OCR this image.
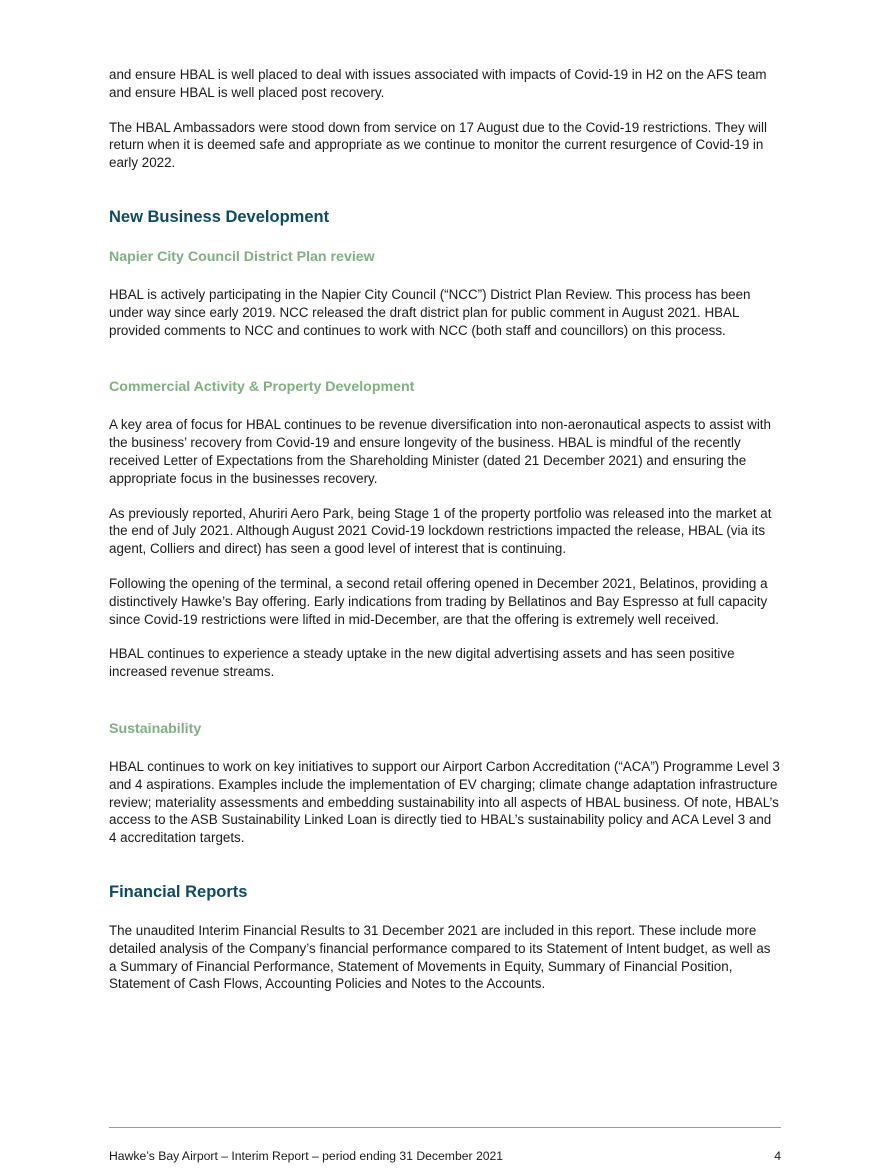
and ensure HBAL is well placed to deal with issues associated with impacts of Covid-19 in H2 on the AFS team and ensure HBAL is well placed post recovery.

The HBAL Ambassadors were stood down from service on 17 August due to the Covid-19 restrictions. They will return when it is deemed safe and appropriate as we continue to monitor the current resurgence of Covid-19 in early 2022.

New Business Development
Napier City Council District Plan review

HBAL is actively participating in the Napier City Council (“NCC”) District Plan Review. This process has been under way since early 2019. NCC released the draft district plan for public comment in August 2021. HBAL provided comments to NCC and continues to work with NCC (both staff and councillors) on this process.

Commercial Activity & Property Development

A key area of focus for HBAL continues to be revenue diversification into non-aeronautical aspects to assist with the business’ recovery from Covid-19 and ensure longevity of the business. HBAL is mindful of the recently received Letter of Expectations from the Shareholding Minister (dated 21 December 2021) and ensuring the appropriate focus in the businesses recovery.

As previously reported, Ahuriri Aero Park, being Stage 1 of the property portfolio was released into the market at the end of July 2021. Although August 2021 Covid-19 lockdown restrictions impacted the release, HBAL (via its agent, Colliers and direct) has seen a good level of interest that is continuing.

Following the opening of the terminal, a second retail offering opened in December 2021, Belatinos, providing a distinctively Hawke’s Bay offering. Early indications from trading by Bellatinos and Bay Espresso at full capacity since Covid-19 restrictions were lifted in mid-December, are that the offering is extremely well received.

HBAL continues to experience a steady uptake in the new digital advertising assets and has seen positive increased revenue streams.

Sustainability

HBAL continues to work on key initiatives to support our Airport Carbon Accreditation (“ACA”) Programme Level 3 and 4 aspirations. Examples include the implementation of EV charging; climate change adaptation infrastructure review; materiality assessments and embedding sustainability into all aspects of HBAL business. Of note, HBAL’s access to the ASB Sustainability Linked Loan is directly tied to HBAL’s sustainability policy and ACA Level 3 and 4 accreditation targets.

Financial Reports

The unaudited Interim Financial Results to 31 December 2021 are included in this report. These include more detailed analysis of the Company’s financial performance compared to its Statement of Intent budget, as well as a Summary of Financial Performance, Statement of Movements in Equity, Summary of Financial Position, Statement of Cash Flows, Accounting Policies and Notes to the Accounts.

Hawke’s Bay Airport – Interim Report – period ending 31 December 2021	4
